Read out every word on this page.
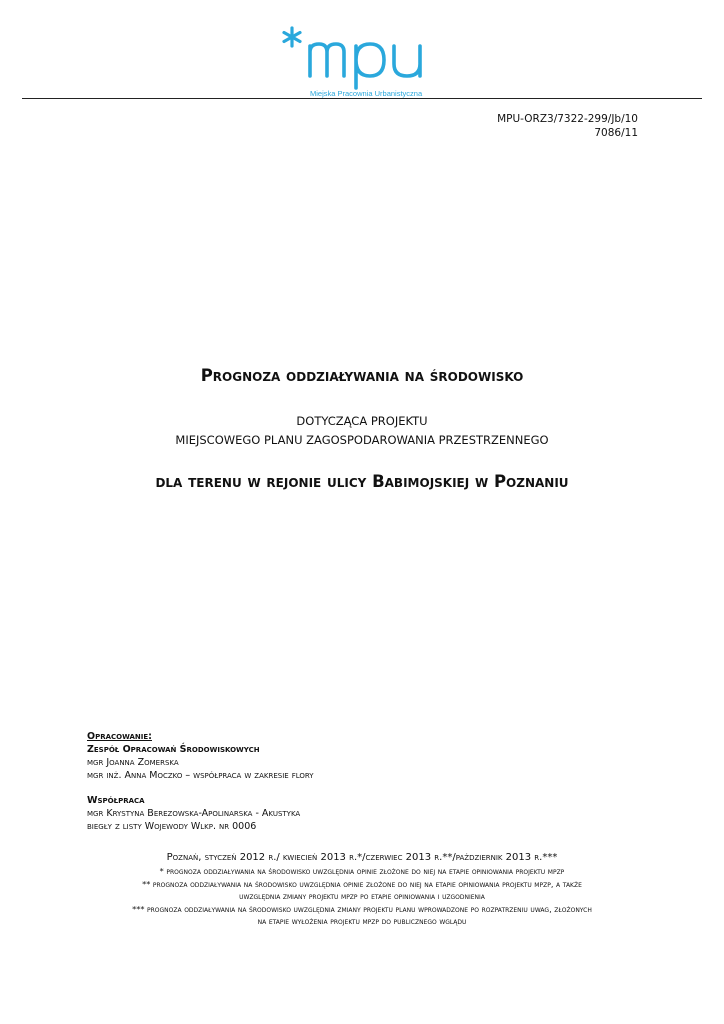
Miejska Pracownia Urbanistyczna
MPU-ORZ3/7322-299/Jb/10
7086/11
Prognoza oddziaływania na środowisko
DOTYCZĄCA PROJEKTU
MIEJSCOWEGO PLANU ZAGOSPODAROWANIA PRZESTRZENNEGO
dla terenu w rejonie ulicy Babimojskiej w Poznaniu
Opracowanie:
Zespół Opracowań Środowiskowych
mgr Joanna Zomerska
mgr inż. Anna Moczko – współpraca w zakresie flory
Współpraca
mgr Krystyna Berezowska-Apolinarska - Akustyka
biegły z listy Wojewody Wlkp. nr 0006
Poznań, styczeń 2012 r./ kwiecień 2013 r.*/czerwiec 2013 r.**/październik 2013 r.***
* prognoza oddziaływania na środowisko uwzględnia opinie złożone do niej na etapie opiniowania projektu mpzp
** prognoza oddziaływania na środowisko uwzględnia opinie złożone do niej na etapie opiniowania projektu mpzp, a także
uwzględnia zmiany projektu mpzp po etapie opiniowania i uzgodnienia
*** prognoza oddziaływania na środowisko uwzględnia zmiany projektu planu wprowadzone po rozpatrzeniu uwag, złożonych
na etapie wyłożenia projektu mpzp do publicznego wglądu
